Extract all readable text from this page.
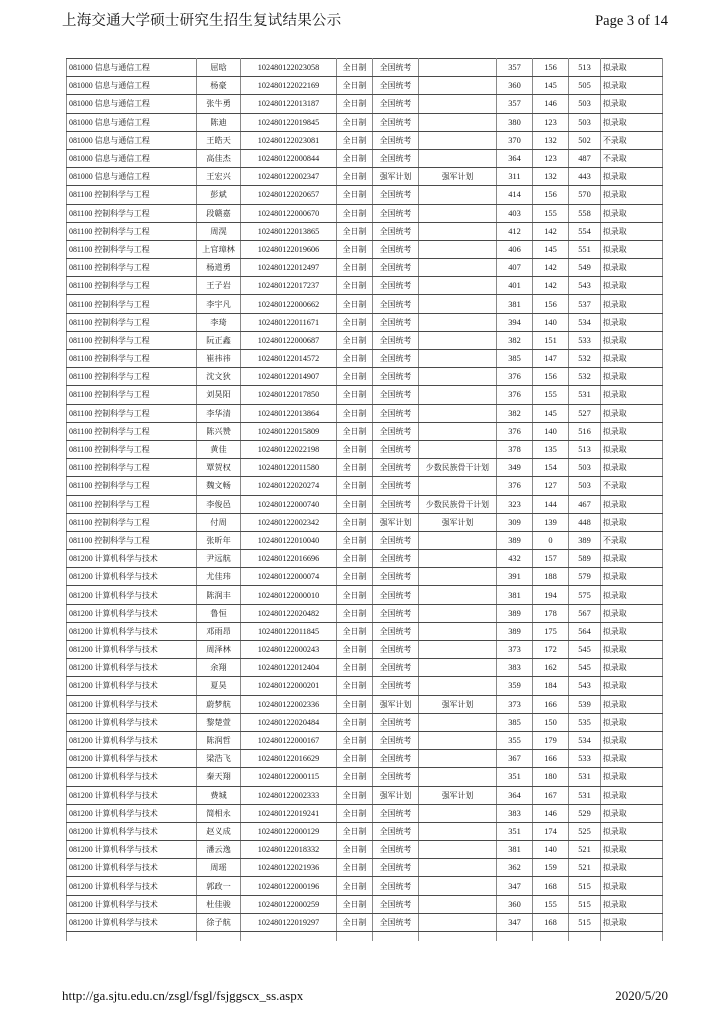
上海交通大学硕士研究生招生复试结果公示	Page 3 of 14
081000 信息与通信工程	屈晗	102480122023058	全日制	全国统考		357	156	513	拟录取
081000 信息与通信工程	杨豪	102480122022169	全日制	全国统考		360	145	505	拟录取
081000 信息与通信工程	张牛勇	102480122013187	全日制	全国统考		357	146	503	拟录取
081000 信息与通信工程	陈迪	102480122019845	全日制	全国统考		380	123	503	拟录取
081000 信息与通信工程	王皓天	102480122023081	全日制	全国统考		370	132	502	不录取
081000 信息与通信工程	高佳杰	102480122000844	全日制	全国统考		364	123	487	不录取
081000 信息与通信工程	王宏兴	102480122002347	全日制	强军计划	强军计划	311	132	443	拟录取
081100 控制科学与工程	彭斌	102480122020657	全日制	全国统考		414	156	570	拟录取
081100 控制科学与工程	段赣嘉	102480122000670	全日制	全国统考		403	155	558	拟录取
081100 控制科学与工程	周滉	102480122013865	全日制	全国统考		412	142	554	拟录取
081100 控制科学与工程	上官璋林	102480122019606	全日制	全国统考		406	145	551	拟录取
081100 控制科学与工程	杨道勇	102480122012497	全日制	全国统考		407	142	549	拟录取
081100 控制科学与工程	王子岩	102480122017237	全日制	全国统考		401	142	543	拟录取
081100 控制科学与工程	李宇凡	102480122000662	全日制	全国统考		381	156	537	拟录取
081100 控制科学与工程	李琦	102480122011671	全日制	全国统考		394	140	534	拟录取
081100 控制科学与工程	阮正鑫	102480122000687	全日制	全国统考		382	151	533	拟录取
081100 控制科学与工程	崔祎祎	102480122014572	全日制	全国统考		385	147	532	拟录取
081100 控制科学与工程	沈文狄	102480122014907	全日制	全国统考		376	156	532	拟录取
081100 控制科学与工程	刘昊阳	102480122017850	全日制	全国统考		376	155	531	拟录取
081100 控制科学与工程	李华清	102480122013864	全日制	全国统考		382	145	527	拟录取
081100 控制科学与工程	陈兴赞	102480122015809	全日制	全国统考		376	140	516	拟录取
081100 控制科学与工程	黄佳	102480122022198	全日制	全国统考		378	135	513	拟录取
081100 控制科学与工程	覃贺权	102480122011580	全日制	全国统考	少数民族骨干计划	349	154	503	拟录取
081100 控制科学与工程	魏文畅	102480122020274	全日制	全国统考		376	127	503	不录取
081100 控制科学与工程	李俊邑	102480122000740	全日制	全国统考	少数民族骨干计划	323	144	467	拟录取
081100 控制科学与工程	付周	102480122002342	全日制	强军计划	强军计划	309	139	448	拟录取
081100 控制科学与工程	张昕年	102480122010040	全日制	全国统考		389	0	389	不录取
081200 计算机科学与技术	尹远航	102480122016696	全日制	全国统考		432	157	589	拟录取
081200 计算机科学与技术	尤佳玮	102480122000074	全日制	全国统考		391	188	579	拟录取
081200 计算机科学与技术	陈润丰	102480122000010	全日制	全国统考		381	194	575	拟录取
081200 计算机科学与技术	鲁恒	102480122020482	全日制	全国统考		389	178	567	拟录取
081200 计算机科学与技术	邓雨昂	102480122011845	全日制	全国统考		389	175	564	拟录取
081200 计算机科学与技术	周泽林	102480122000243	全日制	全国统考		373	172	545	拟录取
081200 计算机科学与技术	余翔	102480122012404	全日制	全国统考		383	162	545	拟录取
081200 计算机科学与技术	夏昊	102480122000201	全日制	全国统考		359	184	543	拟录取
081200 计算机科学与技术	蔚梦航	102480122002336	全日制	强军计划	强军计划	373	166	539	拟录取
081200 计算机科学与技术	黎楚萱	102480122020484	全日制	全国统考		385	150	535	拟录取
081200 计算机科学与技术	陈润哲	102480122000167	全日制	全国统考		355	179	534	拟录取
081200 计算机科学与技术	梁浩飞	102480122016629	全日制	全国统考		367	166	533	拟录取
081200 计算机科学与技术	秦天翔	102480122000115	全日制	全国统考		351	180	531	拟录取
081200 计算机科学与技术	费城	102480122002333	全日制	强军计划	强军计划	364	167	531	拟录取
081200 计算机科学与技术	简相永	102480122019241	全日制	全国统考		383	146	529	拟录取
081200 计算机科学与技术	赵义成	102480122000129	全日制	全国统考		351	174	525	拟录取
081200 计算机科学与技术	潘云逸	102480122018332	全日制	全国统考		381	140	521	拟录取
081200 计算机科学与技术	周瑶	102480122021936	全日制	全国统考		362	159	521	拟录取
081200 计算机科学与技术	郭政一	102480122000196	全日制	全国统考		347	168	515	拟录取
081200 计算机科学与技术	杜佳骏	102480122000259	全日制	全国统考		360	155	515	拟录取
081200 计算机科学与技术	徐子航	102480122019297	全日制	全国统考		347	168	515	拟录取

http://ga.sjtu.edu.cn/zsgl/fsgl/fsjggscx_ss.aspx	2020/5/20
